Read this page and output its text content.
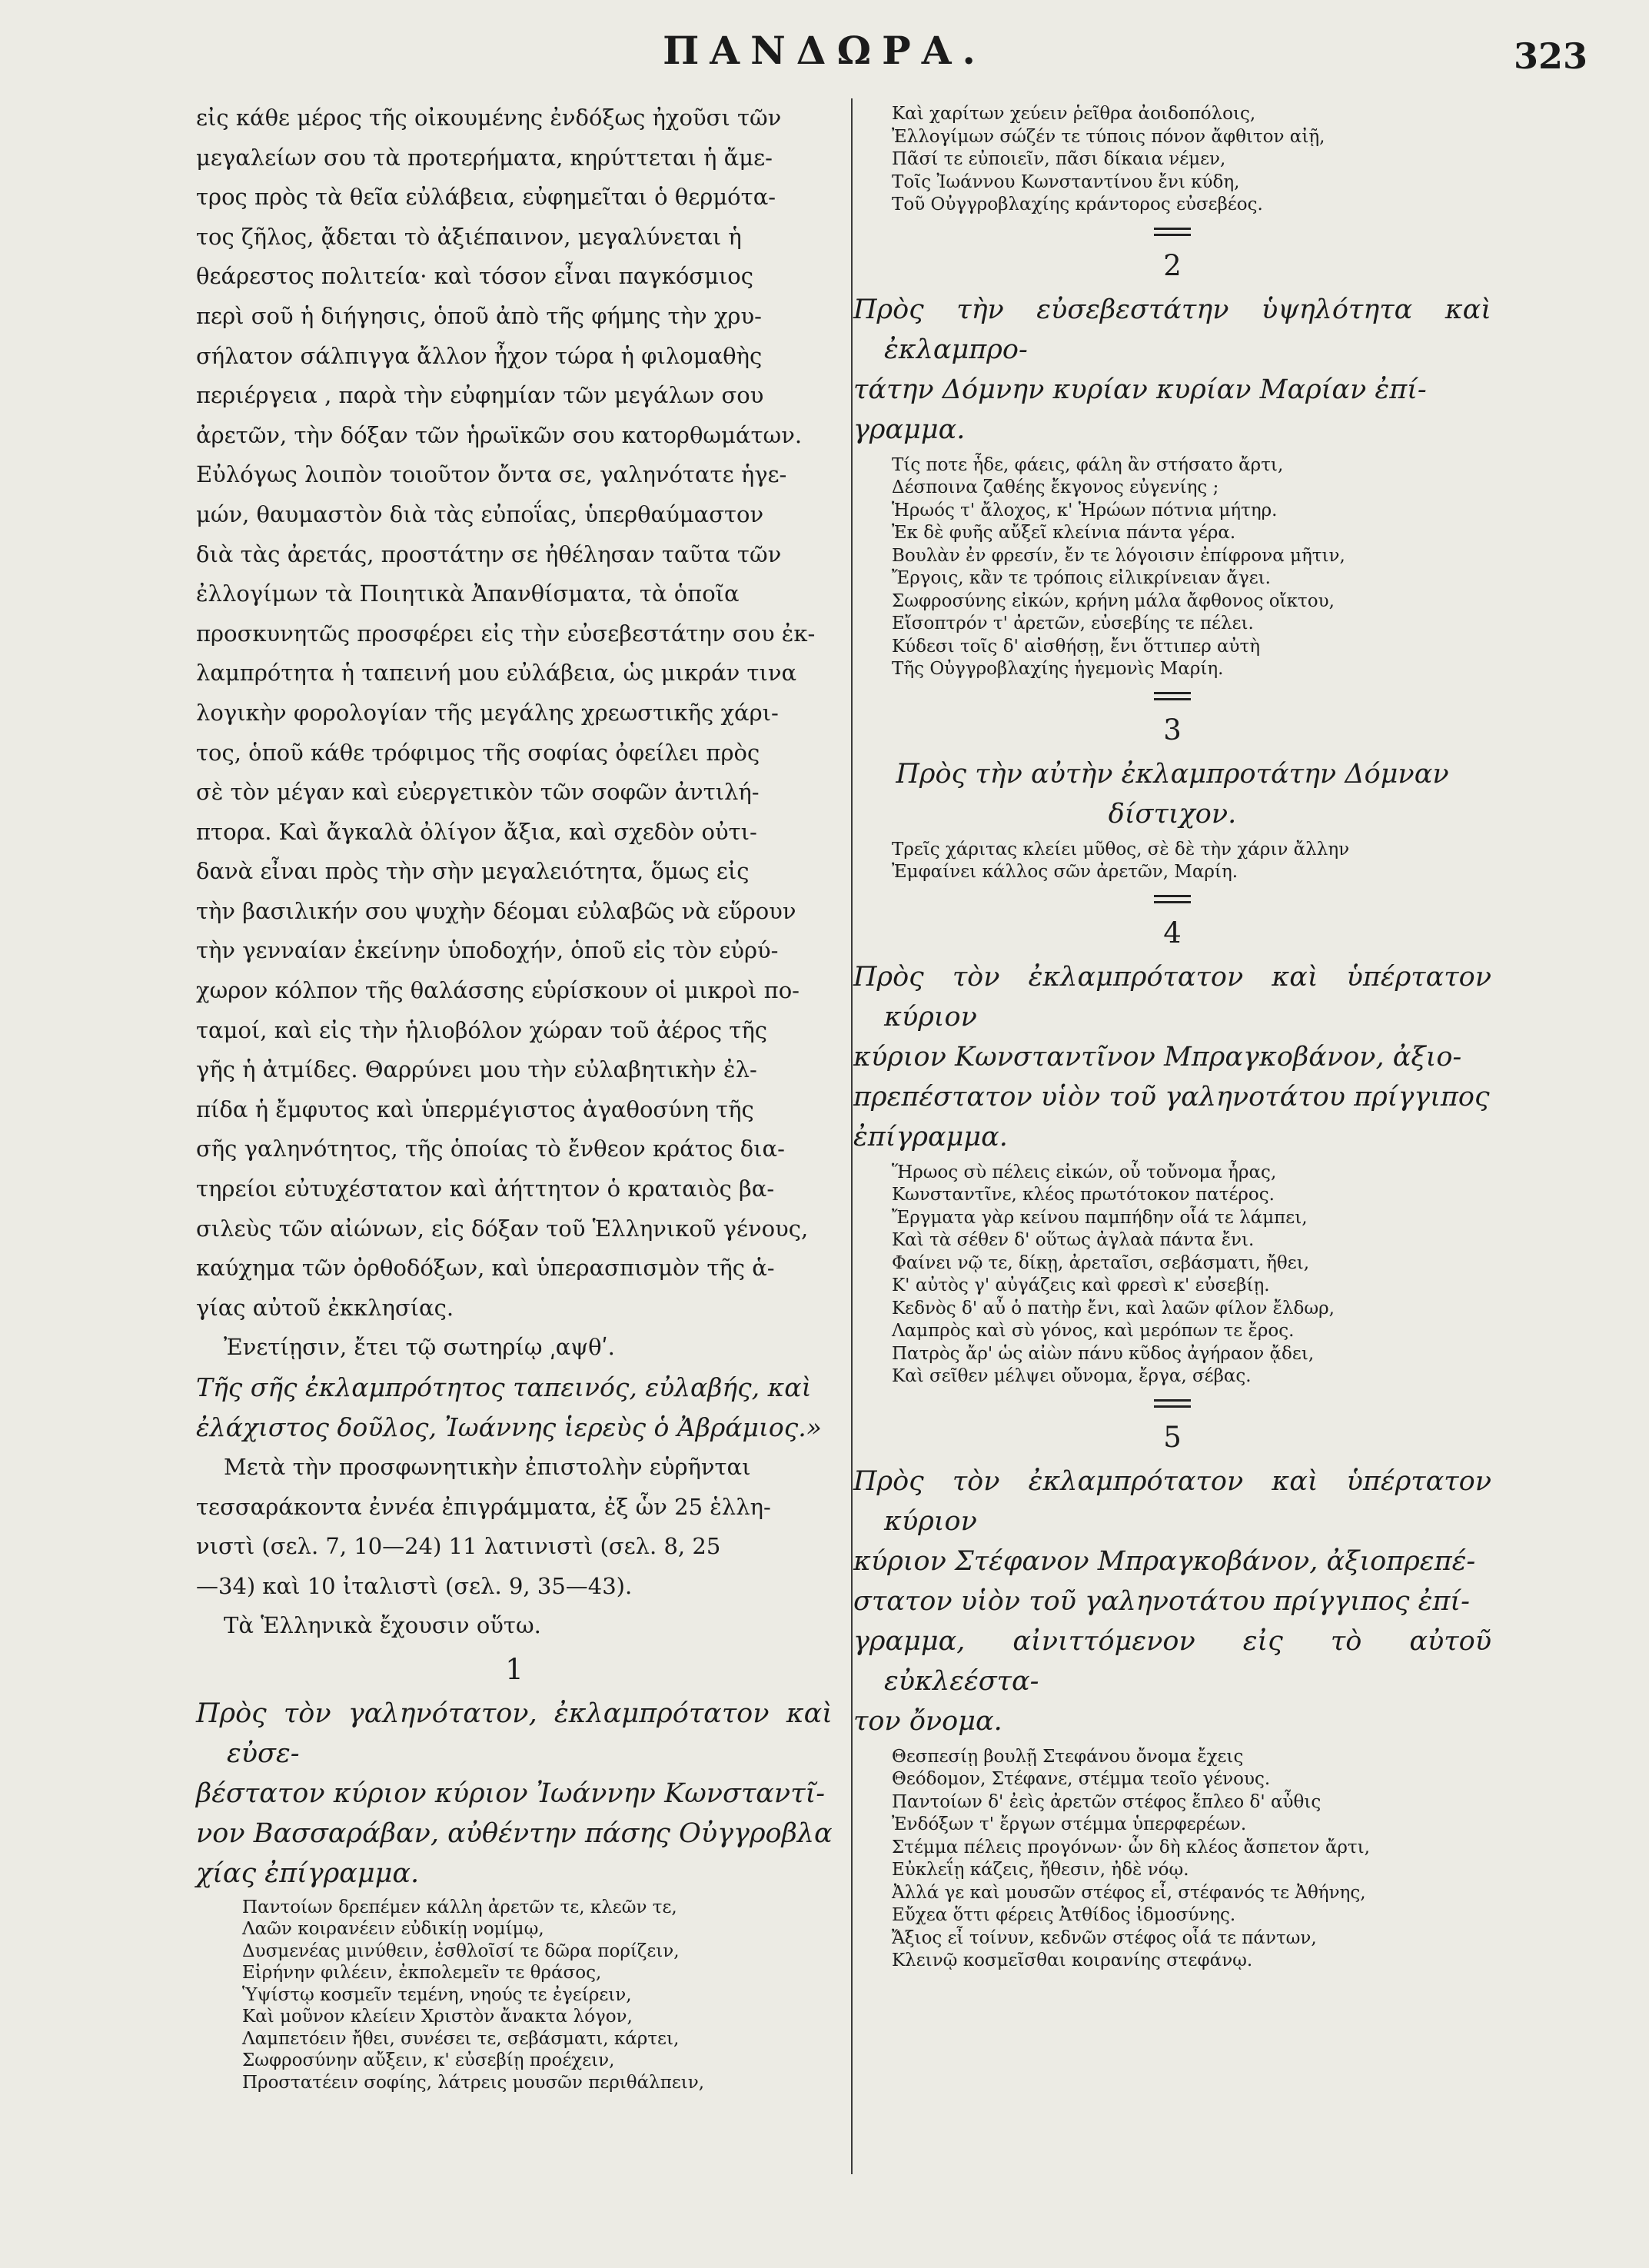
ΠΑΝΔΩΡΑ.	323
εἰς κάθε μέρος τῆς οἰκουμένης ἐνδόξως ἠχοῦσι τῶν
μεγαλείων σου τὰ προτερήματα, κηρύττεται ἡ ἄμε-
τρος πρὸς τὰ θεῖα εὐλάβεια, εὐφημεῖται ὁ θερμότα-
τος ζῆλος, ᾄδεται τὸ ἀξιέπαινον, μεγαλύνεται ἡ
θεάρεστος πολιτεία· καὶ τόσον εἶναι παγκόσμιος
περὶ σοῦ ἡ διήγησις, ὁποῦ ἀπὸ τῆς φήμης τὴν χρυ-
σήλατον σάλπιγγα ἄλλον ἦχον τώρα ἡ φιλομαθὴς
περιέργεια , παρὰ τὴν εὐφημίαν τῶν μεγάλων σου
ἀρετῶν, τὴν δόξαν τῶν ἡρωϊκῶν σου κατορθωμάτων.
Εὐλόγως λοιπὸν τοιοῦτον ὄντα σε, γαληνότατε ἡγε-
μών, θαυμαστὸν διὰ τὰς εὐποΐας, ὑπερθαύμαστον
διὰ τὰς ἀρετάς, προστάτην σε ἠθέλησαν ταῦτα τῶν
ἐλλογίμων τὰ Ποιητικὰ Ἀπανθίσματα, τὰ ὁποῖα
προσκυνητῶς προσφέρει εἰς τὴν εὐσεβεστάτην σου ἐκ-
λαμπρότητα ἡ ταπεινή μου εὐλάβεια, ὡς μικράν τινα
λογικὴν φορολογίαν τῆς μεγάλης χρεωστικῆς χάρι-
τος, ὁποῦ κάθε τρόφιμος τῆς σοφίας ὀφείλει πρὸς
σὲ τὸν μέγαν καὶ εὐεργετικὸν τῶν σοφῶν ἀντιλή-
πτορα. Καὶ ἄγκαλὰ ὀλίγον ἄξια, καὶ σχεδὸν οὐτι-
δανὰ εἶναι πρὸς τὴν σὴν μεγαλειότητα, ὅμως εἰς
τὴν βασιλικήν σου ψυχὴν δέομαι εὐλαβῶς νὰ εὕρουν
τὴν γενναίαν ἐκείνην ὑποδοχήν, ὁποῦ εἰς τὸν εὐρύ-
χωρον κόλπον τῆς θαλάσσης εὑρίσκουν οἱ μικροὶ πο-
ταμοί, καὶ εἰς τὴν ἡλιοβόλον χώραν τοῦ ἀέρος τῆς
γῆς ἡ ἀτμίδες. Θαρρύνει μου τὴν εὐλαβητικὴν ἐλ-
πίδα ἡ ἔμφυτος καὶ ὑπερμέγιστος ἀγαθοσύνη τῆς
σῆς γαληνότητος, τῆς ὁποίας τὸ ἔνθεον κράτος δια-
τηρείοι εὐτυχέστατον καὶ ἀήττητον ὁ κραταιὸς βα-
σιλεὺς τῶν αἰώνων, εἰς δόξαν τοῦ Ἑλληνικοῦ γένους,
καύχημα τῶν ὀρθοδόξων, καὶ ὑπερασπισμὸν τῆς ἁ-
γίας αὐτοῦ ἐκκλησίας.
Ἐνετίῃσιν, ἔτει τῷ σωτηρίῳ ͵αψθʹ.
Τῆς σῆς ἐκλαμπρότητος ταπεινός, εὐλαβής, καὶ
ἐλάχιστος δοῦλος, Ἰωάννης ἱερεὺς ὁ Ἀβράμιος.»
Μετὰ τὴν προσφωνητικὴν ἐπιστολὴν εὑρῆνται
τεσσαράκοντα ἐννέα ἐπιγράμματα, ἐξ ὧν 25 ἑλλη-
νιστὶ (σελ. 7, 10—24) 11 λατινιστὶ (σελ. 8, 25
—34) καὶ 10 ἰταλιστὶ (σελ. 9, 35—43).
Τὰ Ἑλληνικὰ ἔχουσιν οὕτω.
1
Πρὸς τὸν γαληνότατον, ἐκλαμπρότατον καὶ εὐσε-
βέστατον κύριον κύριον Ἰωάννην Κωνσταντῖ-
νον Βασσαράβαν, αὐθέντην πάσης Οὐγγροβλα
χίας ἐπίγραμμα.
Παντοίων δρεπέμεν κάλλη ἀρετῶν τε, κλεῶν τε,
Λαῶν κοιρανέειν εὐδικίῃ νομίμῳ,
Δυσμενέας μινύθειν, ἐσθλοῖσί τε δῶρα πορίζειν,
Εἰρήνην φιλέειν, ἐκπολεμεῖν τε θράσος,
Ὑψίστῳ κοσμεῖν τεμένη, νηούς τε ἐγείρειν,
Καὶ μοῦνον κλείειν Χριστὸν ἄνακτα λόγον,
Λαμπετόειν ἤθει, συνέσει τε, σεβάσματι, κάρτει,
Σωφροσύνην αὔξειν, κ' εὐσεβίῃ προέχειν,
Προστατέειν σοφίης, λάτρεις μουσῶν περιθάλπειν,
Καὶ χαρίτων χεύειν ῥεῖθρα ἀοιδοπόλοις,
Ἐλλογίμων σώζέν τε τύποις πόνον ἄφθιτον αἰῇ,
Πᾶσί τε εὐποιεῖν, πᾶσι δίκαια νέμεν,
Τοῖς Ἰωάννου Κωνσταντίνου ἔνι κύδη,
Τοῦ Οὐγγροβλαχίης κράντορος εὐσεβέος.
2
Πρὸς τὴν εὐσεβεστάτην ὑψηλότητα καὶ ἐκλαμπρο-
τάτην Δόμνην κυρίαν κυρίαν Μαρίαν ἐπί-
γραμμα.
Τίς ποτε ἧδε, φάεις, φάλη ἂν στήσατο ἄρτι,
Δέσποινα ζαθέης ἔκγονος εὐγενίης ;
Ἡρωός τ' ἄλοχος, κ' Ἡρώων πότνια μήτηρ.
Ἐκ δὲ φυῆς αὔξεῖ κλείνια πάντα γέρα.
Βουλὰν ἐν φρεσίν, ἔν τε λόγοισιν ἐπίφρονα μῆτιν,
Ἔργοις, κἂν τε τρόποις εἰλικρίνειαν ἄγει.
Σωφροσύνης εἰκών, κρήνη μάλα ἄφθονος οἴκτου,
Εἴσοπτρόν τ' ἀρετῶν, εὐσεβίης τε πέλει.
Κύδεσι τοῖς δ' αἰσθήσῃ, ἔνι ὅττιπερ αὐτὴ
Τῆς Οὐγγροβλαχίης ἡγεμονὶς Μαρίη.
3
Πρὸς τὴν αὐτὴν ἐκλαμπροτάτην Δόμναν
δίστιχον.
Τρεῖς χάριτας κλείει μῦθος, σὲ δὲ τὴν χάριν ἄλλην
Ἐμφαίνει κάλλος σῶν ἀρετῶν, Μαρίη.
4
Πρὸς τὸν ἐκλαμπρότατον καὶ ὑπέρτατον κύριον
κύριον Κωνσταντῖνον Μπραγκοβάνον, ἀξιο-
πρεπέστατον υἱὸν τοῦ γαληνοτάτου πρίγγιπος
ἐπίγραμμα.
Ἥρωος σὺ πέλεις εἰκών, οὗ τοὔνομα ἦρας,
Κωνσταντῖνε, κλέος πρωτότοκον πατέρος.
Ἔργματα γὰρ κείνου παμπήδην οἷά τε λάμπει,
Καὶ τὰ σέθεν δ' οὕτως ἀγλαὰ πάντα ἔνι.
Φαίνει νῷ τε, δίκῃ, ἀρεταῖσι, σεβάσματι, ἤθει,
Κ' αὐτὸς γ' αὐγάζεις καὶ φρεσὶ κ' εὐσεβίῃ.
Κεδνὸς δ' αὖ ὁ πατὴρ ἔνι, καὶ λαῶν φίλον ἔλδωρ,
Λαμπρὸς καὶ σὺ γόνος, καὶ μερόπων τε ἔρος.
Πατρὸς ἄρ' ὡς αἰὼν πάνυ κῦδος ἀγήραον ᾄδει,
Καὶ σεῖθεν μέλψει οὔνομα, ἔργα, σέβας.
5
Πρὸς τὸν ἐκλαμπρότατον καὶ ὑπέρτατον κύριον
κύριον Στέφανον Μπραγκοβάνον, ἀξιοπρεπέ-
στατον υἱὸν τοῦ γαληνοτάτου πρίγγιπος ἐπί-
γραμμα, αἰνιττόμενον εἰς τὸ αὐτοῦ εὐκλεέστα-
τον ὄνομα.
Θεσπεσίῃ βουλῇ Στεφάνου ὄνομα ἔχεις
Θεόδομον, Στέφανε, στέμμα τεοῖο γένους.
Παντοίων δ' ἐεὶς ἀρετῶν στέφος ἔπλεο δ' αὖθις
Ἐνδόξων τ' ἔργων στέμμα ὑπερφερέων.
Στέμμα πέλεις προγόνων· ὧν δὴ κλέος ἄσπετον ἄρτι,
Εὐκλεΐῃ κάζεις, ἤθεσιν, ἠδὲ νόῳ.
Ἀλλά γε καὶ μουσῶν στέφος εἶ, στέφανός τε Ἀθήνης,
Εὔχεα ὅττι φέρεις Ἀτθίδος ἰδμοσύνης.
Ἄξιος εἶ τοίνυν, κεδνῶν στέφος οἷά τε πάντων,
Κλεινῷ κοσμεῖσθαι κοιρανίης στεφάνῳ.
